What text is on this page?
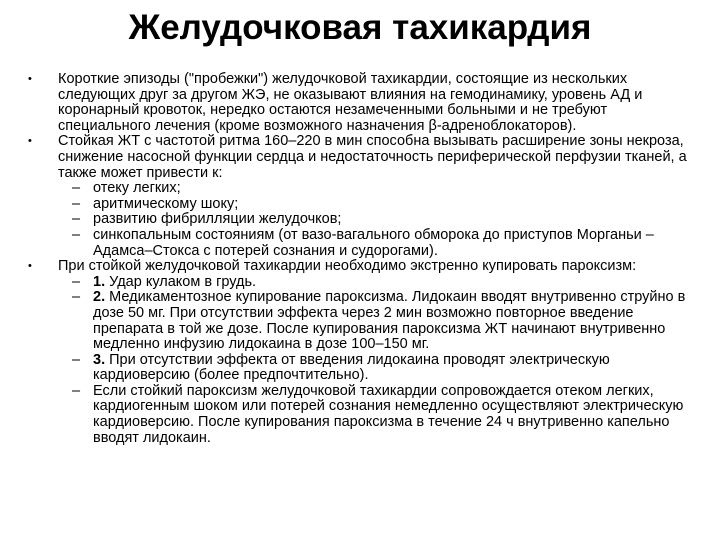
Желудочковая тахикардия
• Короткие эпизоды ("пробежки") желудочковой тахикардии, состоящие из нескольких следующих друг за другом ЖЭ, не оказывают влияния на гемодинамику, уровень АД и коронарный кровоток, нередко остаются незамеченными больными и не требуют специального лечения (кроме возможного назначения β-адреноблокаторов).
• Стойкая ЖТ с частотой ритма 160–220 в мин способна вызывать расширение зоны некроза, снижение насосной функции сердца и недостаточность периферической перфузии тканей, а также может привести к:
– отеку легких;
– аритмическому шоку;
– развитию фибрилляции желудочков;
– синкопальным состояниям (от вазо-вагального обморока до приступов Морганьи –Адамса–Стокса с потерей сознания и судорогами).
• При стойкой желудочковой тахикардии необходимо экстренно купировать пароксизм:
– 1. Удар кулаком в грудь.
– 2. Медикаментозное купирование пароксизма. Лидокаин вводят внутривенно струйно в дозе 50 мг. При отсутствии эффекта через 2 мин возможно повторное введение препарата в той же дозе. После купирования пароксизма ЖТ начинают внутривенно медленно инфузию лидокаина в дозе 100–150 мг.
– 3. При отсутствии эффекта от введения лидокаина проводят электрическую кардиоверсию (более предпочтительно).
– Если стойкий пароксизм желудочковой тахикардии сопровождается отеком легких, кардиогенным шоком или потерей сознания немедленно осуществляют электрическую кардиоверсию. После купирования пароксизма в течение 24 ч внутривенно капельно вводят лидокаин.
